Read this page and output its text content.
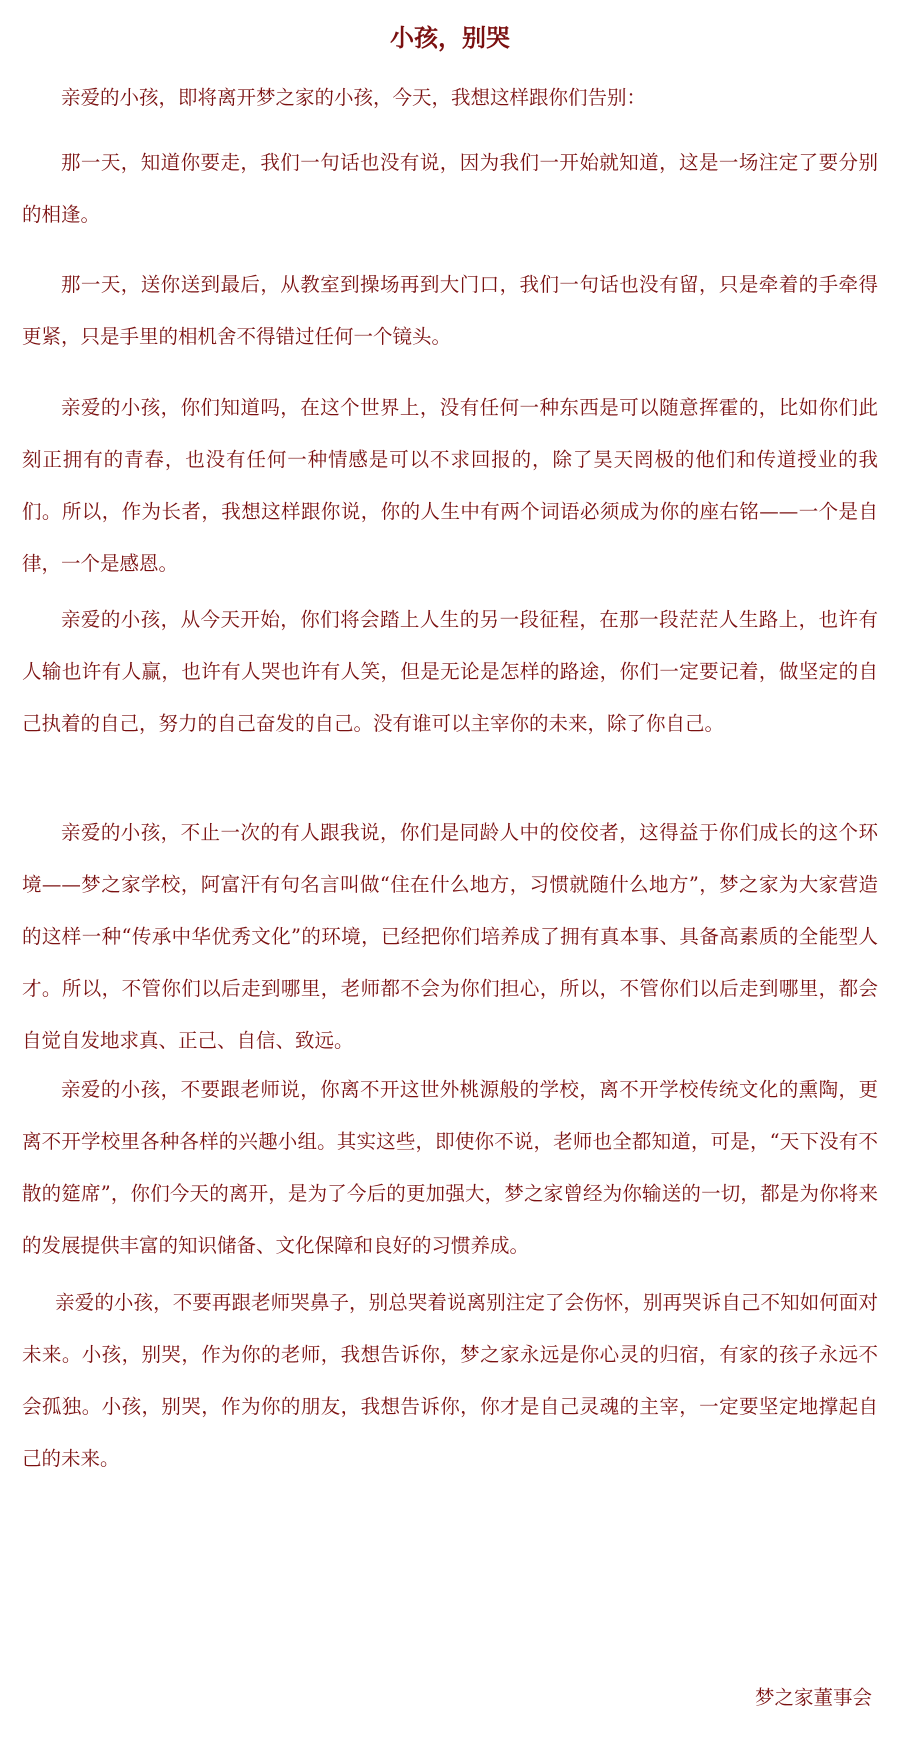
小孩，别哭

亲爱的小孩，即将离开梦之家的小孩，今天，我想这样跟你们告别：

那一天，知道你要走，我们一句话也没有说，因为我们一开始就知道，这是一场注定了要分别的相逢。

那一天，送你送到最后，从教室到操场再到大门口，我们一句话也没有留，只是牵着的手牵得更紧，只是手里的相机舍不得错过任何一个镜头。

亲爱的小孩，你们知道吗，在这个世界上，没有任何一种东西是可以随意挥霍的，比如你们此刻正拥有的青春，也没有任何一种情感是可以不求回报的，除了昊天罔极的他们和传道授业的我们。所以，作为长者，我想这样跟你说，你的人生中有两个词语必须成为你的座右铭——一个是自律，一个是感恩。

亲爱的小孩，从今天开始，你们将会踏上人生的另一段征程，在那一段茫茫人生路上，也许有人输也许有人赢，也许有人哭也许有人笑，但是无论是怎样的路途，你们一定要记着，做坚定的自己执着的自己，努力的自己奋发的自己。没有谁可以主宰你的未来，除了你自己。

亲爱的小孩，不止一次的有人跟我说，你们是同龄人中的佼佼者，这得益于你们成长的这个环境——梦之家学校，阿富汗有句名言叫做“住在什么地方，习惯就随什么地方”，梦之家为大家营造的这样一种“传承中华优秀文化”的环境，已经把你们培养成了拥有真本事、具备高素质的全能型人才。所以，不管你们以后走到哪里，老师都不会为你们担心，所以，不管你们以后走到哪里，都会自觉自发地求真、正己、自信、致远。

亲爱的小孩，不要跟老师说，你离不开这世外桃源般的学校，离不开学校传统文化的熏陶，更离不开学校里各种各样的兴趣小组。其实这些，即使你不说，老师也全都知道，可是，“天下没有不散的筵席”，你们今天的离开，是为了今后的更加强大，梦之家曾经为你输送的一切，都是为你将来的发展提供丰富的知识储备、文化保障和良好的习惯养成。

亲爱的小孩，不要再跟老师哭鼻子，别总哭着说离别注定了会伤怀，别再哭诉自己不知如何面对未来。小孩，别哭，作为你的老师，我想告诉你，梦之家永远是你心灵的归宿，有家的孩子永远不会孤独。小孩，别哭，作为你的朋友，我想告诉你，你才是自己灵魂的主宰，一定要坚定地撑起自己的未来。

梦之家董事会
